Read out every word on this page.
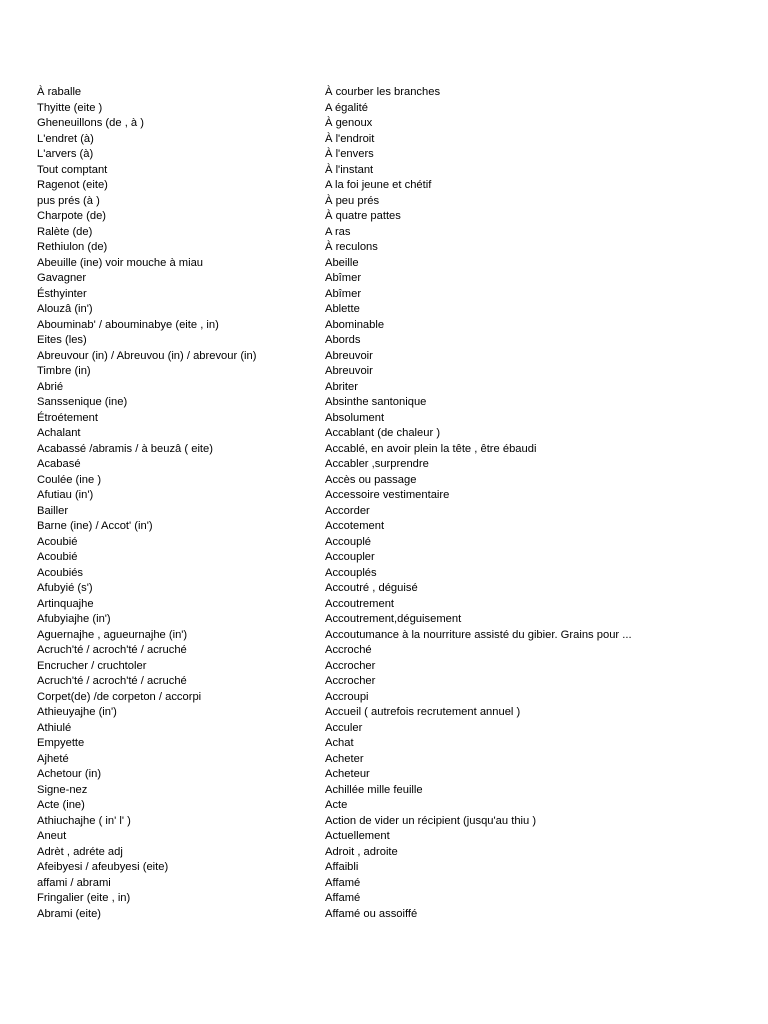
À raballe	À courber les branches
Thyitte (eite )	A égalité
Gheneuillons (de , à )	À genoux
L'endret (à)	À l'endroit
L'arvers (à)	À l'envers
Tout comptant	À l'instant
Ragenot (eite)	A la foi jeune et chétif
pus prés (à )	À peu prés
Charpote (de)	À quatre pattes
Ralète (de)	A ras
Rethiulon (de)	À reculons
Abeuille (ine) voir mouche à miau	Abeille
Gavagner	Abîmer
Ésthyinter	Abîmer
Alouzâ (in')	Ablette
Abouminab' / abouminabye (eite , in)	Abominable
Eites (les)	Abords
Abreuvour (in) / Abreuvou (in) / abrevour (in)	Abreuvoir
Timbre (in)	Abreuvoir
Abrié	Abriter
Sanssenique (ine)	Absinthe santonique
Étroétement	Absolument
Achalant	Accablant (de chaleur )
Acabassé /abramis / à beuzâ ( eite)	Accablé, en avoir plein la tête , être ébaudi
Acabasé	Accabler ,surprendre
Coulée (ine )	Accès ou passage
Afutiau (in')	Accessoire vestimentaire
Bailler	Accorder
Barne (ine) / Accot' (in')	Accotement
Acoubié	Accouplé
Acoubié	Accoupler
Acoubiés	Accouplés
Afubyié (s')	Accoutré , déguisé
Artinquajhe	Accoutrement
Afubyiajhe (in')	Accoutrement,déguisement
Aguernajhe , agueurnajhe (in')	Accoutumance à la nourriture assisté du gibier. Grains pour ...
Acruch'té / acroch'té / acruché	Accroché
Encrucher / cruchtoler	Accrocher
Acruch'té / acroch'té / acruché	Accrocher
Corpet(de) /de corpeton / accorpi	Accroupi
Athieuyajhe (in')	Accueil ( autrefois recrutement annuel )
Athiulé	Acculer
Empyette	Achat
Ajheté	Acheter
Achetour (in)	Acheteur
Signe-nez	Achillée mille feuille
Acte (ine)	Acte
Athiuchajhe ( in' l' )	Action de vider un récipient (jusqu'au thiu )
Aneut	Actuellement
Adrèt , adréte adj	Adroit , adroite
Afeibyesi / afeubyesi (eite)	Affaibli
affami / abrami	Affamé
Fringalier (eite , in)	Affamé
Abrami (eite)	Affamé ou assoiffé
